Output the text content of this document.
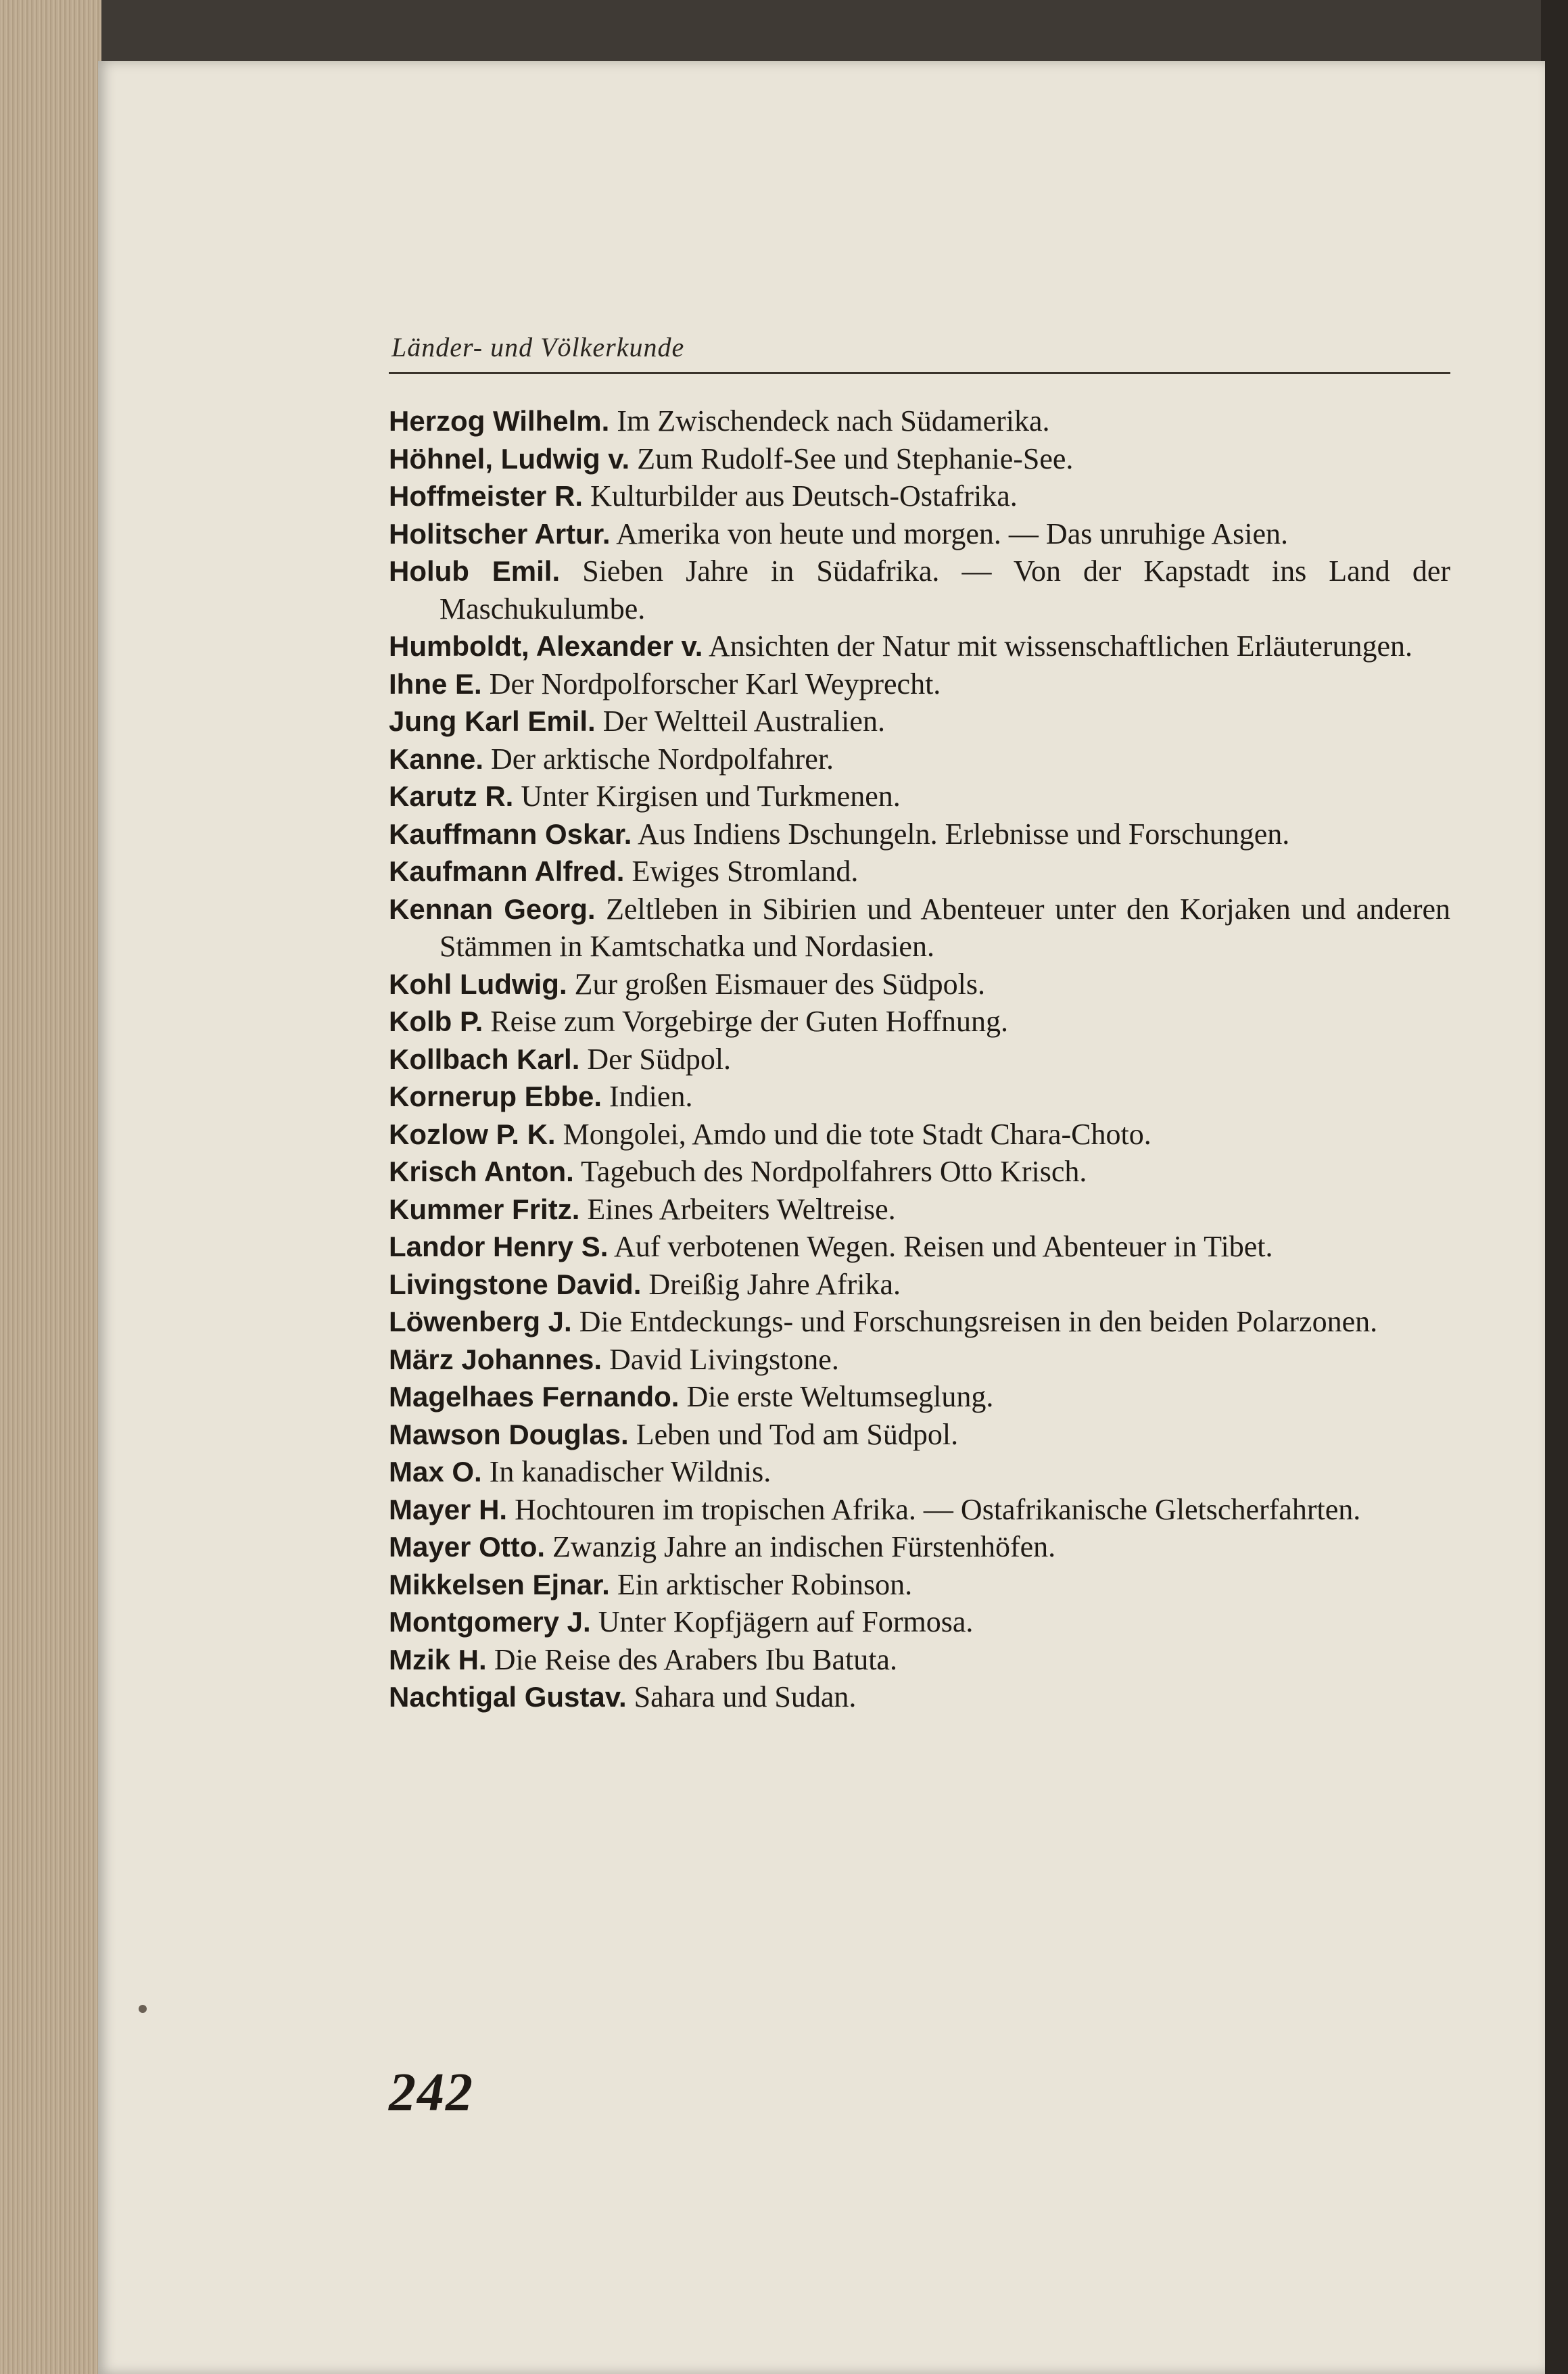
Länder- und Völkerkunde
Herzog Wilhelm. Im Zwischendeck nach Südamerika.
Höhnel, Ludwig v. Zum Rudolf-See und Stephanie-See.
Hoffmeister R. Kulturbilder aus Deutsch-Ostafrika.
Holitscher Artur. Amerika von heute und morgen. — Das unruhige Asien.
Holub Emil. Sieben Jahre in Südafrika. — Von der Kapstadt ins Land der Maschukulumbe.
Humboldt, Alexander v. Ansichten der Natur mit wissenschaftlichen Erläuterungen.
Ihne E. Der Nordpolforscher Karl Weyprecht.
Jung Karl Emil. Der Weltteil Australien.
Kanne. Der arktische Nordpolfahrer.
Karutz R. Unter Kirgisen und Turkmenen.
Kauffmann Oskar. Aus Indiens Dschungeln. Erlebnisse und Forschungen.
Kaufmann Alfred. Ewiges Stromland.
Kennan Georg. Zeltleben in Sibirien und Abenteuer unter den Korjaken und anderen Stämmen in Kamtschatka und Nordasien.
Kohl Ludwig. Zur großen Eismauer des Südpols.
Kolb P. Reise zum Vorgebirge der Guten Hoffnung.
Kollbach Karl. Der Südpol.
Kornerup Ebbe. Indien.
Kozlow P. K. Mongolei, Amdo und die tote Stadt Chara-Choto.
Krisch Anton. Tagebuch des Nordpolfahrers Otto Krisch.
Kummer Fritz. Eines Arbeiters Weltreise.
Landor Henry S. Auf verbotenen Wegen. Reisen und Abenteuer in Tibet.
Livingstone David. Dreißig Jahre Afrika.
Löwenberg J. Die Entdeckungs- und Forschungsreisen in den beiden Polarzonen.
März Johannes. David Livingstone.
Magelhaes Fernando. Die erste Weltumseglung.
Mawson Douglas. Leben und Tod am Südpol.
Max O. In kanadischer Wildnis.
Mayer H. Hochtouren im tropischen Afrika. — Ostafrikanische Gletscherfahrten.
Mayer Otto. Zwanzig Jahre an indischen Fürstenhöfen.
Mikkelsen Ejnar. Ein arktischer Robinson.
Montgomery J. Unter Kopfjägern auf Formosa.
Mzik H. Die Reise des Arabers Ibu Batuta.
Nachtigal Gustav. Sahara und Sudan.
242
